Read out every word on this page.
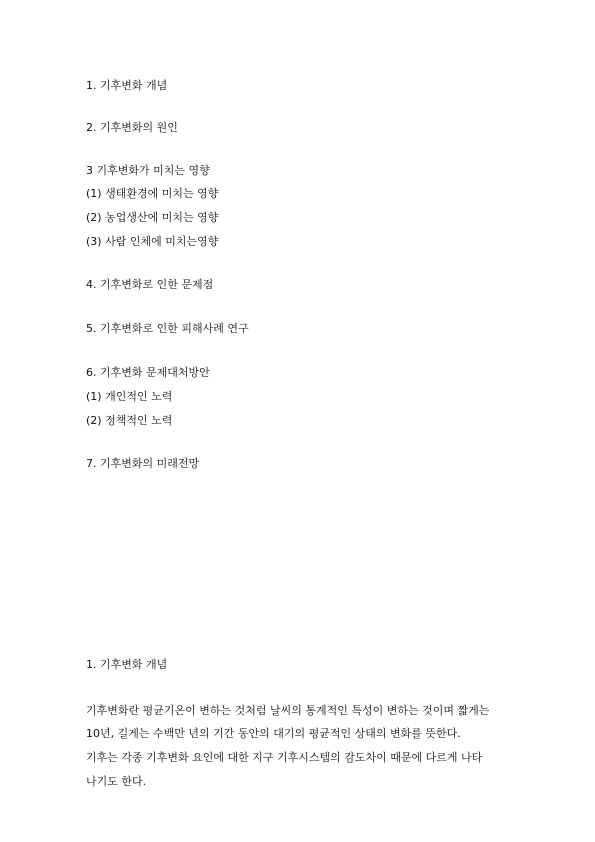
1. 기후변화 개념
2. 기후변화의 원인
3 기후변화가 미치는 영향
(1) 생태환경에 미치는 영향
(2) 농업생산에 미치는 영향
(3) 사람 인체에 미치는영향
4. 기후변화로 인한 문제점
5. 기후변화로 인한 피해사례 연구
6. 기후변화 문제대처방안
(1) 개인적인 노력
(2) 정책적인 노력
7. 기후변화의 미래전망
1. 기후변화 개념
기후변화란 평균기온이 변하는 것처럼 날씨의 통계적인 특성이 변하는 것이며 짧게는
10년, 길게는 수백만 년의 기간 동안의 대기의 평균적인 상태의 변화를 뜻한다.
기후는 각종 기후변화 요인에 대한 지구 기후시스템의 감도차이 때문에 다르게 나타
나기도 한다.
